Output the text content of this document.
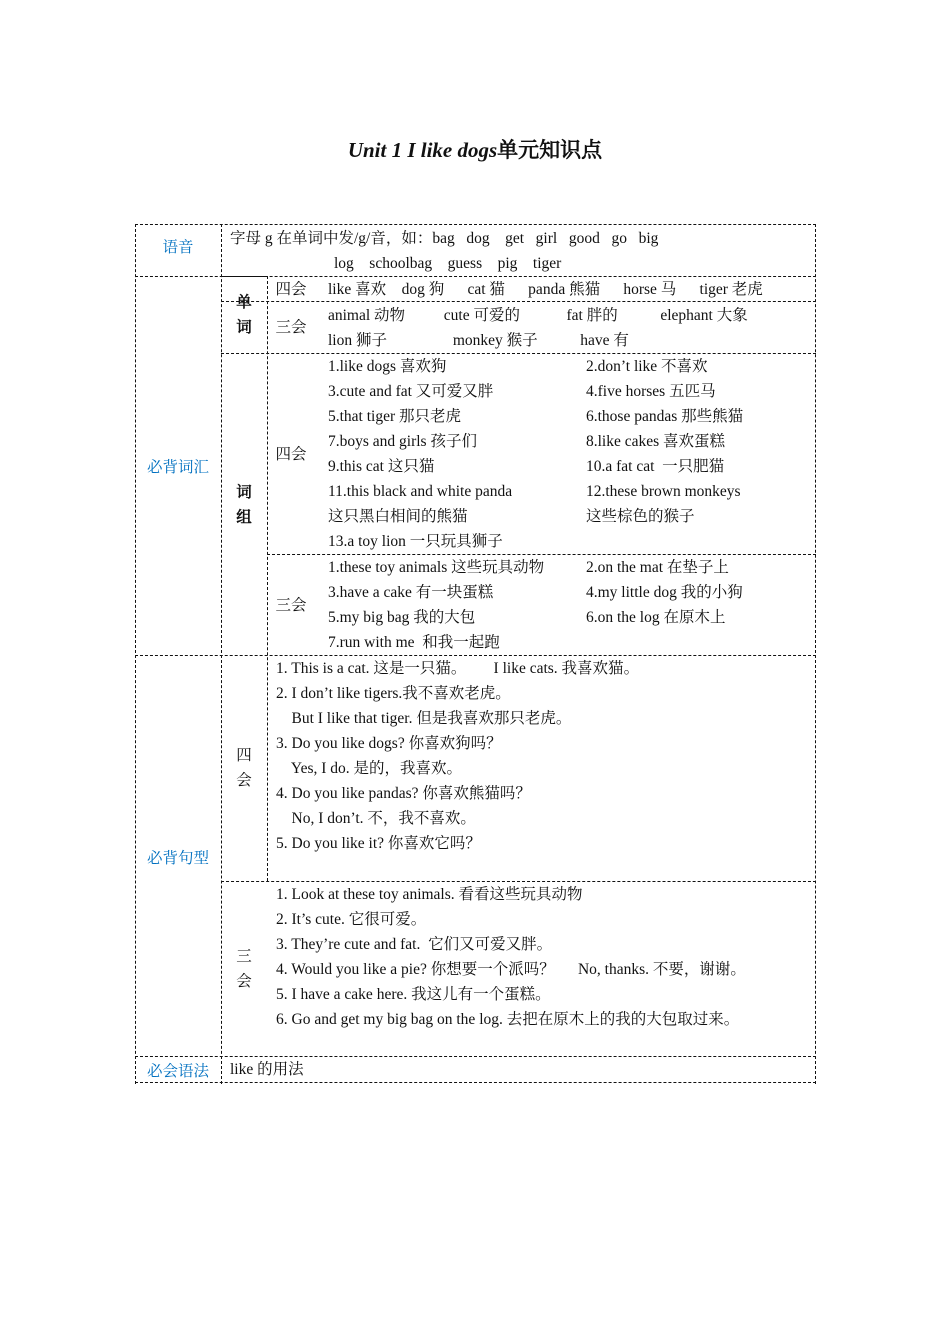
Unit 1 I like dogs单元知识点
语音	字母 g 在单词中发/g/音，如：bag   dog    get   girl   good   go   big
log    schoolbag    guess    pig    tiger
必背词汇
单
词
词
组
四会
三会
like 喜欢    dog 狗      cat 猫      panda 熊猫      horse 马      tiger 老虎
animal 动物          cute 可爱的            fat 胖的           elephant 大象
lion 狮子                 monkey 猴子           have 有
四会
三会
1.like dogs 喜欢狗
3.cute and fat 又可爱又胖
5.that tiger 那只老虎
7.boys and girls 孩子们
9.this cat 这只猫
11.this black and white panda
这只黑白相间的熊猫
13.a toy lion 一只玩具狮子
2.don’t like 不喜欢
4.five horses 五匹马
6.those pandas 那些熊猫
8.like cakes 喜欢蛋糕
10.a fat cat  一只肥猫
12.these brown monkeys
这些棕色的猴子
1.these toy animals 这些玩具动物
3.have a cake 有一块蛋糕
5.my big bag 我的大包
7.run with me  和我一起跑
2.on the mat 在垫子上
4.my little dog 我的小狗
6.on the log 在原木上
必背句型
四
会
三
会
1. This is a cat. 这是一只猫。       I like cats. 我喜欢猫。
2. I don’t like tigers.我不喜欢老虎。
But I like that tiger. 但是我喜欢那只老虎。
3. Do you like dogs? 你喜欢狗吗？
Yes, I do. 是的，我喜欢。
4. Do you like pandas? 你喜欢熊猫吗？
No, I don’t. 不，我不喜欢。
5. Do you like it? 你喜欢它吗？
1. Look at these toy animals. 看看这些玩具动物
2. It’s cute. 它很可爱。
3. They’re cute and fat.  它们又可爱又胖。
4. Would you like a pie? 你想要一个派吗？      No, thanks. 不要，谢谢。
5. I have a cake here. 我这儿有一个蛋糕。
6. Go and get my big bag on the log. 去把在原木上的我的大包取过来。
必会语法	like 的用法
